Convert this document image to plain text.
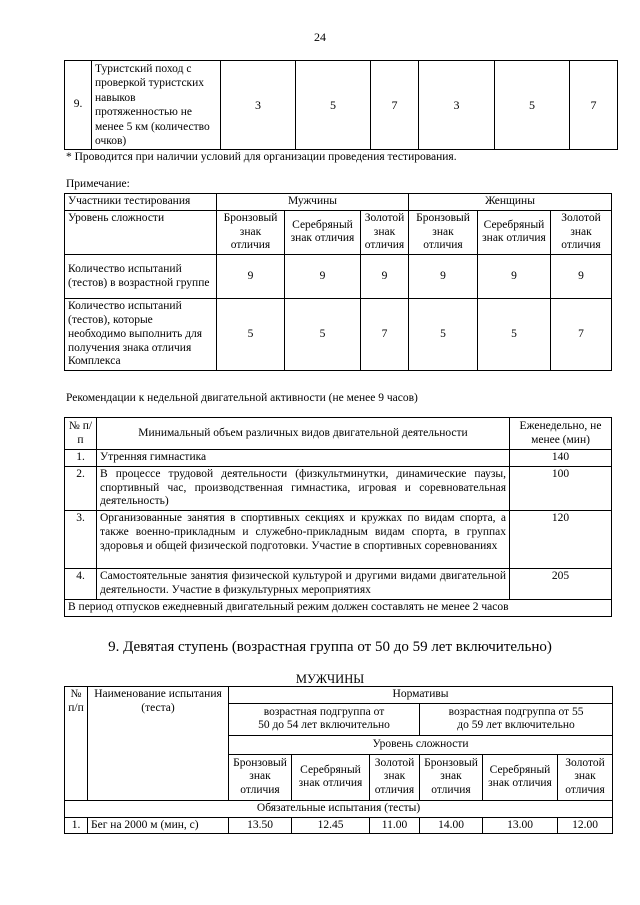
24
9.	Туристский поход с проверкой туристских навыков протяженностью не менее 5 км (количество очков)	3	5	7	3	5	7
* Проводится при наличии условий для организации проведения тестирования.
Примечание:
Участники тестирования	Мужчины			Женщины		
Уровень сложности	Бронзовый знак отличия	Серебряный знак отличия	Золотой знак отличия	Бронзовый знак отличия	Серебряный знак отличия	Золотой знак отличия
Количество испытаний (тестов) в возрастной группе	9	9	9	9	9	9
Количество испытаний (тестов), которые необходимо выполнить для получения знака отличия Комплекса	5	5	7	5	5	7
Рекомендации к недельной двигательной активности (не менее 9 часов)
№ п/п	Минимальный объем различных видов двигательной деятельности	Еженедельно, не менее (мин)
1.	Утренняя гимнастика	140
2.	В процессе трудовой деятельности (физкультминутки, динамические паузы, спортивный час, производственная гимнастика, игровая и соревновательная деятельность)	100
3.	Организованные занятия в спортивных секциях и кружках по видам спорта, а также военно-прикладным и служебно-прикладным видам спорта, в группах здоровья и общей физической подготовки. Участие в спортивных соревнованиях	120
4.	Самостоятельные занятия физической культурой и другими видами двигательной деятельности. Участие в физкультурных мероприятиях	205
В период отпусков ежедневный двигательный режим должен составлять не менее 2 часов		
9. Девятая ступень (возрастная группа от 50 до 59 лет включительно)
МУЖЧИНЫ
№ п/п	Наименование испытания (теста)	Нормативы					
		возрастная подгруппа от 50 до 54 лет включительно			возрастная подгруппа от 55 до 59 лет включительно		
		Уровень сложности					
		Бронзовый знак отличия	Серебряный знак отличия	Золотой знак отличия	Бронзовый знак отличия	Серебряный знак отличия	Золотой знак отличия
Обязательные испытания (тесты)							
1.	Бег на 2000 м (мин, с)	13.50	12.45	11.00	14.00	13.00	12.00
